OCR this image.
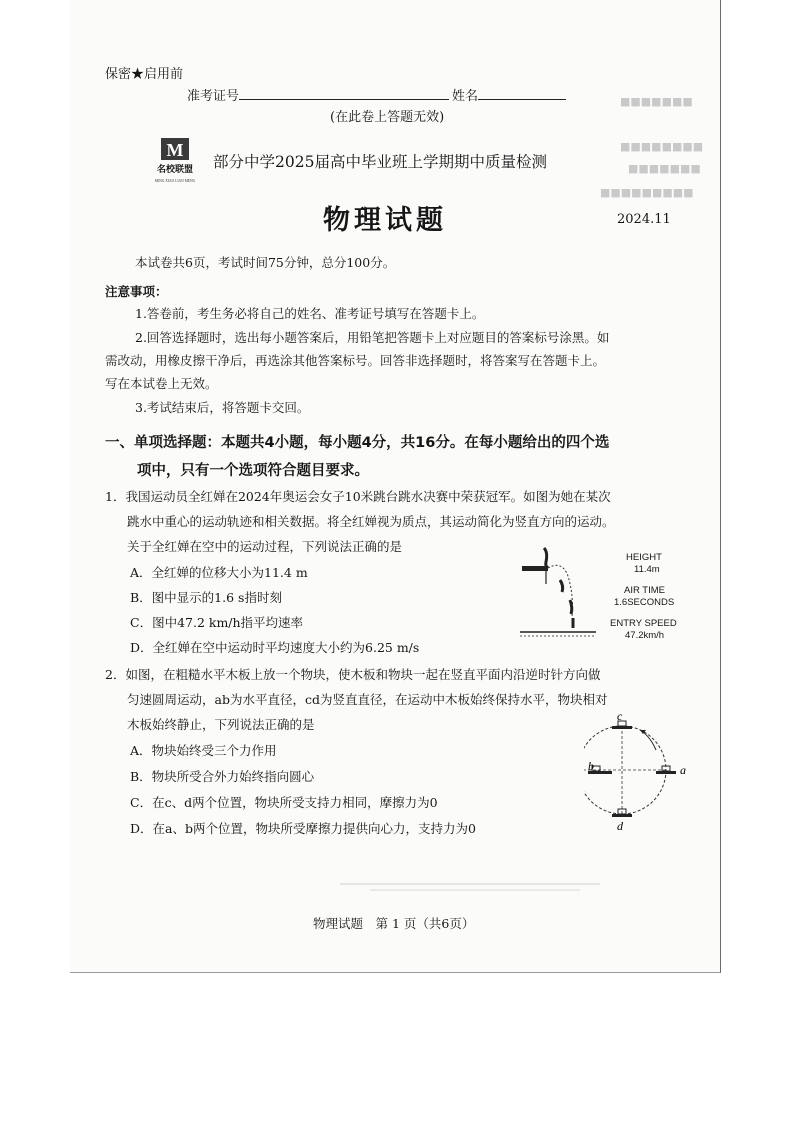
■■■■■■■
■■■■■■■■
■■■■■■■
■■■■■■■■■
保密★启用前
准考证号	姓名
(在此卷上答题无效)
M
名校联盟
MING XIAO LIAN MENG
部分中学2025届高中毕业班上学期期中质量检测
物理试题	2024.11
本试卷共6页，考试时间75分钟，总分100分。
注意事项：
1.答卷前，考生务必将自己的姓名、准考证号填写在答题卡上。
2.回答选择题时，选出每小题答案后，用铅笔把答题卡上对应题目的答案标号涂黑。如
需改动，用橡皮擦干净后，再选涂其他答案标号。回答非选择题时，将答案写在答题卡上。
写在本试卷上无效。
3.考试结束后，将答题卡交回。
一、单项选择题：本题共4小题，每小题4分，共16分。在每小题给出的四个选
项中，只有一个选项符合题目要求。
1．我国运动员全红婵在2024年奥运会女子10米跳台跳水决赛中荣获冠军。如图为她在某次
跳水中重心的运动轨迹和相关数据。将全红婵视为质点，其运动简化为竖直方向的运动。
关于全红婵在空中的运动过程，下列说法正确的是
A．全红婵的位移大小为11.4 m
B．图中显示的1.6 s指时刻
C．图中47.2 km/h指平均速率
D．全红婵在空中运动时平均速度大小约为6.25 m/s
HEIGHT
11.4m
AIR TIME
1.6SECONDS
ENTRY SPEED
47.2km/h
2．如图，在粗糙水平木板上放一个物块，使木板和物块一起在竖直平面内沿逆时针方向做
匀速圆周运动，ab为水平直径，cd为竖直直径，在运动中木板始终保持水平，物块相对
木板始终静止，下列说法正确的是
A．物块始终受三个力作用
B．物块所受合外力始终指向圆心
C．在c、d两个位置，物块所受支持力相同，摩擦力为0
D．在a、b两个位置，物块所受摩擦力提供向心力，支持力为0
a
b
c
d
物理试题　第 1 页（共6页）
